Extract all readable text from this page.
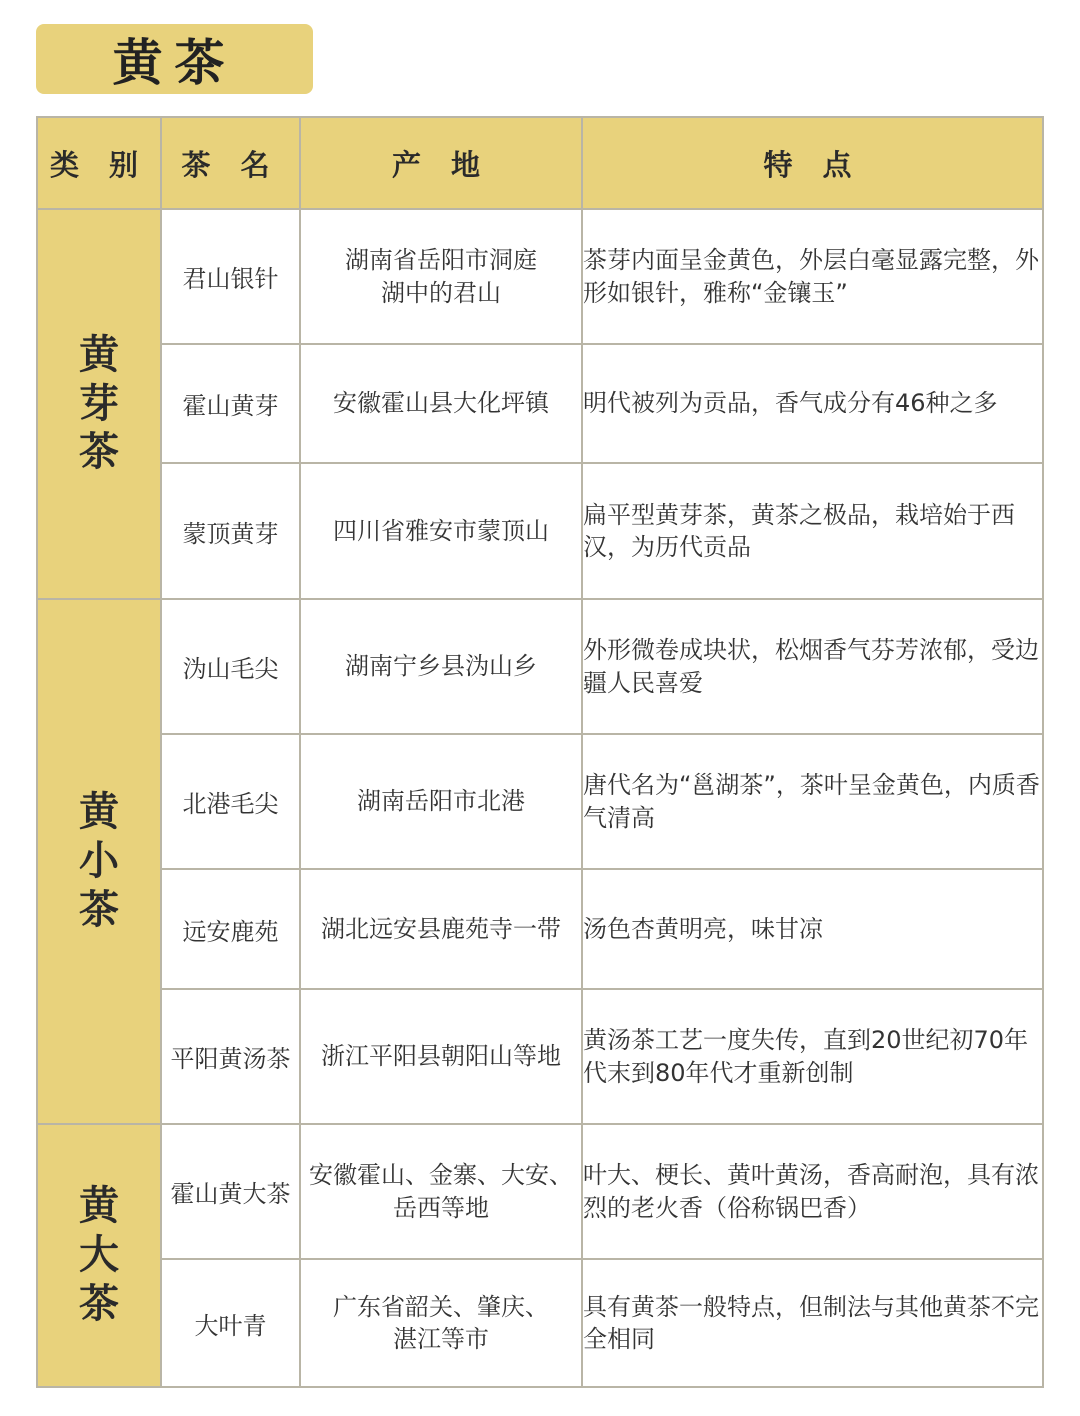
黄茶
类 别	茶 名	产 地	特 点
黄芽茶	君山银针	湖南省岳阳市洞庭湖中的君山	茶芽内面呈金黄色，外层白毫显露完整，外形如银针，雅称“金镶玉”
	霍山黄芽	安徽霍山县大化坪镇	明代被列为贡品，香气成分有46种之多
	蒙顶黄芽	四川省雅安市蒙顶山	扁平型黄芽茶，黄茶之极品，栽培始于西汉，为历代贡品
黄小茶	沩山毛尖	湖南宁乡县沩山乡	外形微卷成块状，松烟香气芬芳浓郁，受边疆人民喜爱
	北港毛尖	湖南岳阳市北港	唐代名为“邕湖茶”，茶叶呈金黄色，内质香气清高
	远安鹿苑	湖北远安县鹿苑寺一带	汤色杏黄明亮，味甘凉
	平阳黄汤茶	浙江平阳县朝阳山等地	黄汤茶工艺一度失传，直到20世纪初70年代末到80年代才重新创制
黄大茶	霍山黄大茶	安徽霍山、金寨、大安、岳西等地	叶大、梗长、黄叶黄汤，香高耐泡，具有浓烈的老火香（俗称锅巴香）
	大叶青	广东省韶关、肇庆、湛江等市	具有黄茶一般特点，但制法与其他黄茶不完全相同
